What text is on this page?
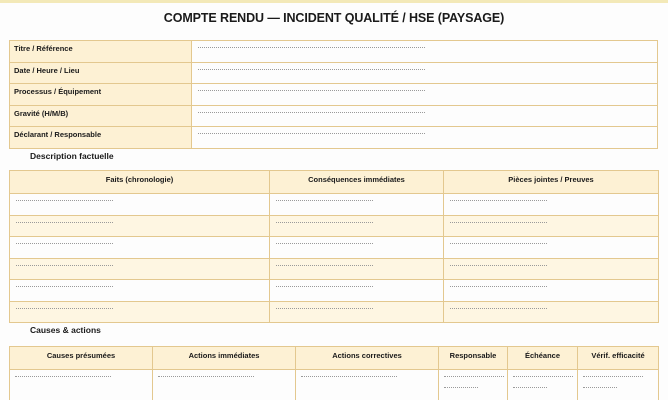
COMPTE RENDU — INCIDENT QUALITÉ / HSE (PAYSAGE)
Titre / Référence	

Date / Heure / Lieu	

Processus / Équipement	

Gravité (H/M/B)	

Déclarant / Responsable	
Description factuelle
Faits (chronologie)	Conséquences immédiates	Pièces jointes / Preuves

Causes & actions
Causes présumées	Actions immédiates	Actions correctives	Responsable	Échéance	Vérif. efficacité
